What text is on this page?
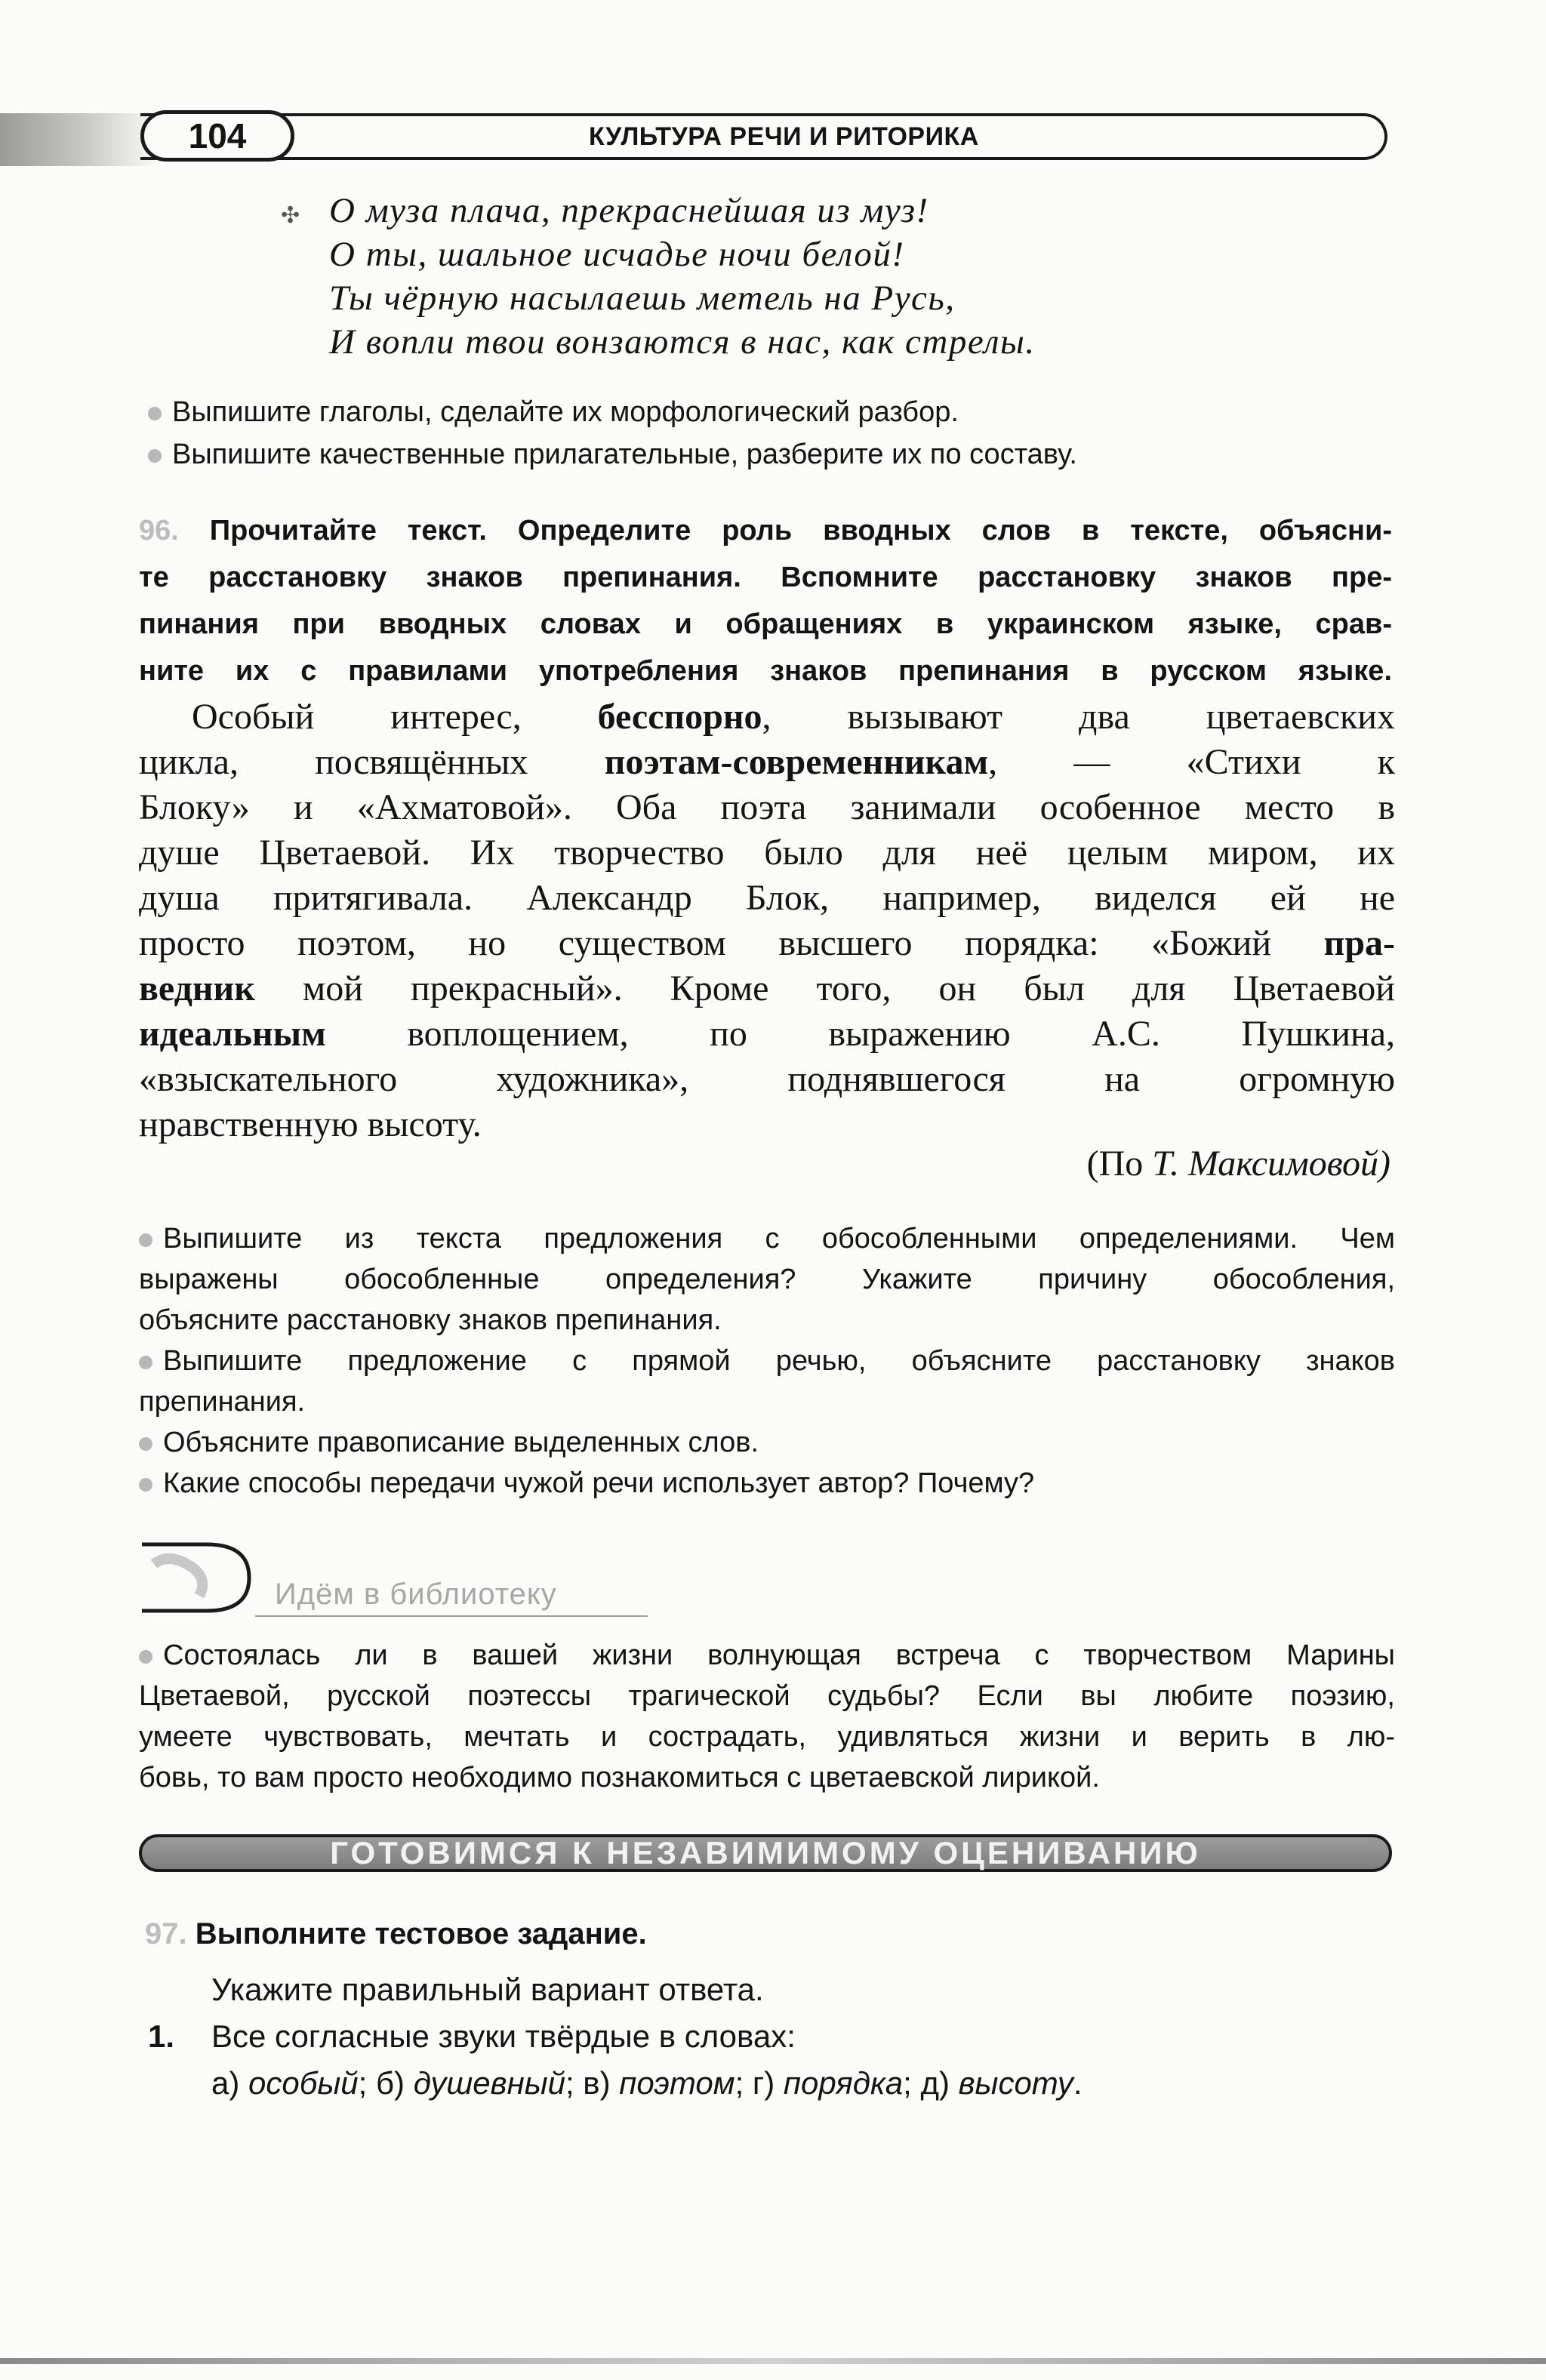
104	КУЛЬТУРА РЕЧИ И РИТОРИКА
✣ О муза плача, прекраснейшая из муз!
О ты, шальное исчадье ночи белой!
Ты чёрную насылаешь метель на Русь,
И вопли твои вонзаются в нас, как стрелы.
Выпишите глаголы, сделайте их морфологический разбор.
Выпишите качественные прилагательные, разберите их по составу.
96. Прочитайте текст. Определите роль вводных слов в тексте, объясни-
те расстановку знаков препинания. Вспомните расстановку знаков пре-
пинания при вводных словах и обращениях в украинском языке, срав-
ните их с правилами употребления знаков препинания в русском языке.
Особый интерес, бесспорно, вызывают два цветаевских
цикла, посвящённых поэтам-современникам, — «Стихи к
Блоку» и «Ахматовой». Оба поэта занимали особенное место в
душе Цветаевой. Их творчество было для неё целым миром, их
душа притягивала. Александр Блок, например, виделся ей не
просто поэтом, но существом высшего порядка: «Божий пра-
ведник мой прекрасный». Кроме того, он был для Цветаевой
идеальным воплощением, по выражению А.С. Пушкина,
«взыскательного художника», поднявшегося на огромную
нравственную высоту.
(По Т. Максимовой)
Выпишите из текста предложения с обособленными определениями. Чем
выражены обособленные определения? Укажите причину обособления,
объясните расстановку знаков препинания.
Выпишите предложение с прямой речью, объясните расстановку знаков
препинания.
Объясните правописание выделенных слов.
Какие способы передачи чужой речи использует автор? Почему?
Идём в библиотеку
Состоялась ли в вашей жизни волнующая встреча с творчеством Марины
Цветаевой, русской поэтессы трагической судьбы? Если вы любите поэзию,
умеете чувствовать, мечтать и сострадать, удивляться жизни и верить в лю-
бовь, то вам просто необходимо познакомиться с цветаевской лирикой.
ГОТОВИМСЯ К НЕЗАВИМИМОМУ ОЦЕНИВАНИЮ
97. Выполните тестовое задание.
Укажите правильный вариант ответа.
1. Все согласные звуки твёрдые в словах:
а) особый; б) душевный; в) поэтом; г) порядка; д) высоту.
